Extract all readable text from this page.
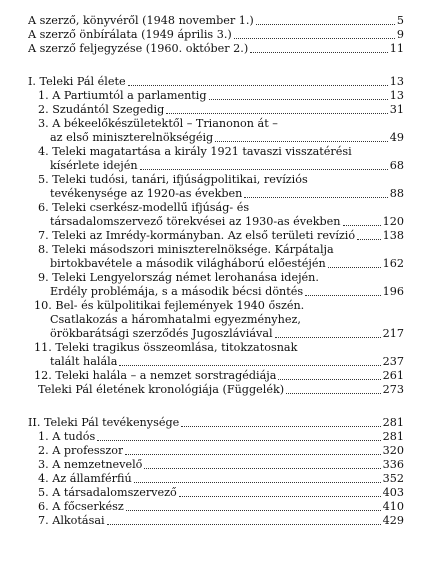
A szerző, könyvéről (1948 november 1.)	5
A szerző önbírálata (1949 április 3.)	9
A szerző feljegyzése (1960. október 2.)	11
I. Teleki Pál élete	13
1.
A Partiumtól a parlamentig	13
2.
Szudántól Szegedig	31
3. A békeelőkészületektől – Trianonon át –
az első miniszterelnökségéig	49
4. Teleki magatartása a király 1921 tavaszi visszatérési
kísérlete idején	68
5. Teleki tudósi, tanári, ifjúságpolitikai, revíziós
tevékenysége az 1920-as években	88
6. Teleki cserkész-modellű ifjúság- és
társadalomszervező törekvései az 1930-as években	120
7.
Teleki az Imrédy-kormányban. Az első területi revízió 138
8. Teleki másodszori miniszterelnöksége. Kárpátalja
birtokbavétele a második világháború előestéjén	162
9. Teleki Lengyelország német lerohanása idején.
Erdély problémája, s a második bécsi döntés	196
10. Bel- és külpolitikai fejlemények 1940 őszén.
Csatlakozás a háromhatalmi egyezményhez,
örökbarátsági szerződés Jugoszláviával	217
11. Teleki tragikus összeomlása, titokzatosnak
talált halála	237
12.
Teleki halála – a nemzet sorstragédiája	261
Teleki Pál életének kronológiája (Függelék)	273
II. Teleki Pál tevékenysége	281
1.
A tudós	281
2.
A professzor	320
3.
A nemzetnevelő	336
4.
Az államférfiú	352
5.
A társadalomszervező	403
6.
A főcserkész	410
7.
Alkotásai	429
